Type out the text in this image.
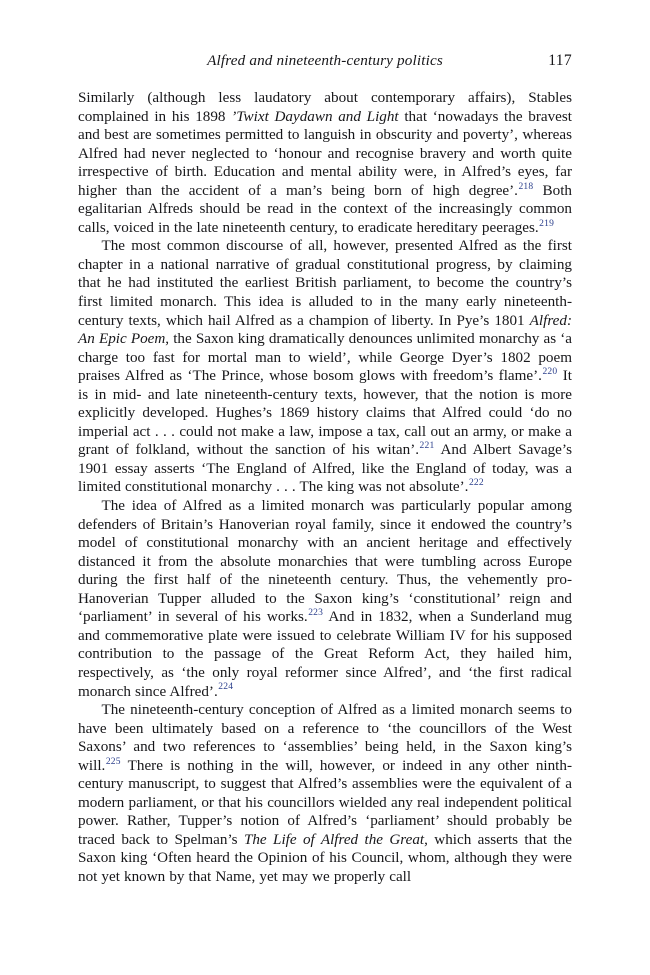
Alfred and nineteenth-century politics	117

Similarly (although less laudatory about contemporary affairs), Stables complained in his 1898 ’Twixt Daydawn and Light that ‘nowadays the bravest and best are sometimes permitted to languish in obscurity and poverty’, whereas Alfred had never neglected to ‘honour and recognise bravery and worth quite irrespective of birth. Education and mental ability were, in Alfred’s eyes, far higher than the accident of a man’s being born of high degree’.$^{218}$ Both egalitarian Alfreds should be read in the context of the increasingly common calls, voiced in the late nineteenth century, to eradicate hereditary peerages.$^{219}$

The most common discourse of all, however, presented Alfred as the first chapter in a national narrative of gradual constitutional progress, by claiming that he had instituted the earliest British parliament, to become the country’s first limited monarch. This idea is alluded to in the many early nineteenth-century texts, which hail Alfred as a champion of liberty. In Pye’s 1801 Alfred: An Epic Poem, the Saxon king dramatically denounces unlimited monarchy as ‘a charge too fast for mortal man to wield’, while George Dyer’s 1802 poem praises Alfred as ‘The Prince, whose bosom glows with freedom’s flame’.$^{220}$ It is in mid- and late nineteenth-century texts, however, that the notion is more explicitly developed. Hughes’s 1869 history claims that Alfred could ‘do no imperial act . . . could not make a law, impose a tax, call out an army, or make a grant of folkland, without the sanction of his witan’.$^{221}$ And Albert Savage’s 1901 essay asserts ‘The England of Alfred, like the England of today, was a limited constitutional monarchy . . . The king was not absolute’.$^{222}$

The idea of Alfred as a limited monarch was particularly popular among defenders of Britain’s Hanoverian royal family, since it endowed the country’s model of constitutional monarchy with an ancient heritage and effectively distanced it from the absolute monarchies that were tumbling across Europe during the first half of the nineteenth century. Thus, the vehemently pro-Hanoverian Tupper alluded to the Saxon king’s ‘constitutional’ reign and ‘parliament’ in several of his works.$^{223}$ And in 1832, when a Sunderland mug and commemorative plate were issued to celebrate William IV for his supposed contribution to the passage of the Great Reform Act, they hailed him, respectively, as ‘the only royal reformer since Alfred’, and ‘the first radical monarch since Alfred’.$^{224}$

The nineteenth-century conception of Alfred as a limited monarch seems to have been ultimately based on a reference to ‘the councillors of the West Saxons’ and two references to ‘assemblies’ being held, in the Saxon king’s will.$^{225}$ There is nothing in the will, however, or indeed in any other ninth-century manuscript, to suggest that Alfred’s assemblies were the equivalent of a modern parliament, or that his councillors wielded any real independent political power. Rather, Tupper’s notion of Alfred’s ‘parliament’ should probably be traced back to Spelman’s The Life of Alfred the Great, which asserts that the Saxon king ‘Often heard the Opinion of his Council, whom, although they were not yet known by that Name, yet may we properly call
